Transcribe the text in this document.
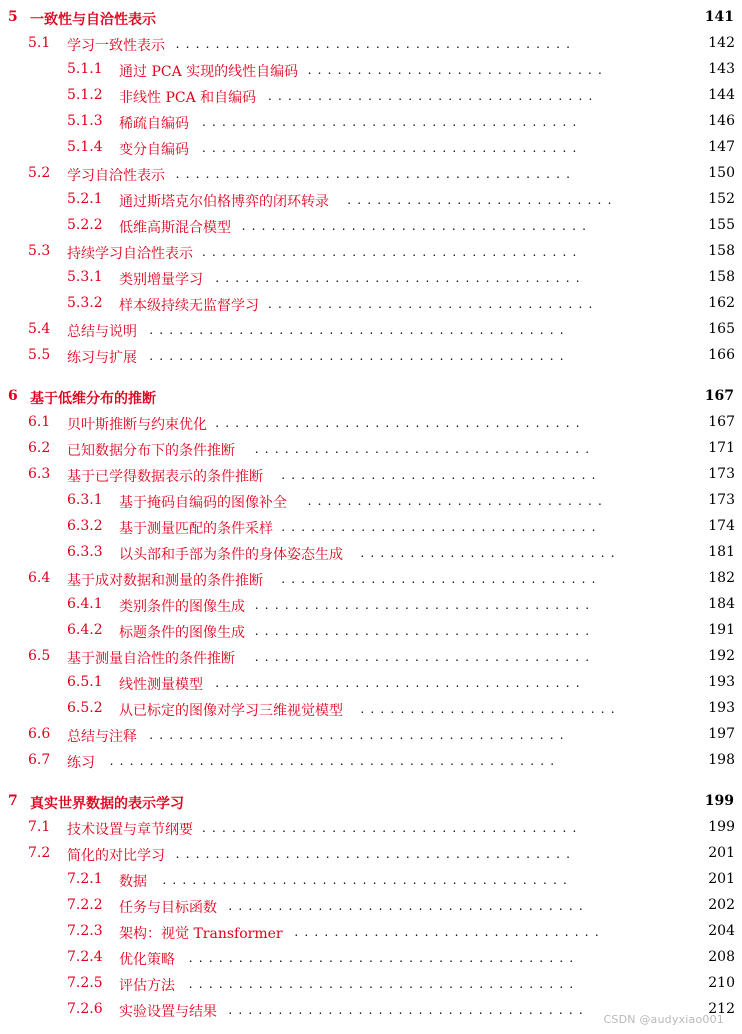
5 一致性与自洽性表示	141
5.1 学习一致性表示	142
........................................
5.1.1 通过 PCA 实现的线性自编码	143
..............................
5.1.2 非线性 PCA 和自编码	144
.................................
5.1.3 稀疏自编码	146
......................................
5.1.4 变分自编码	147
......................................
5.2 学习自洽性表示	150
........................................
5.2.1 通过斯塔克尔伯格博弈的闭环转录	152
...........................
5.2.2 低维高斯混合模型	155
...................................
5.3 持续学习自洽性表示	158
......................................
5.3.1 类别增量学习	158
.....................................
5.3.2 样本级持续无监督学习	162
.................................
5.4 总结与说明	165
..........................................
5.5 练习与扩展	166
..........................................
6 基于低维分布的推断	167
6.1 贝叶斯推断与约束优化	167
.....................................
6.2 已知数据分布下的条件推断	171
..................................
6.3 基于已学得数据表示的条件推断	173
................................
6.3.1 基于掩码自编码的图像补全	173
..............................
6.3.2 基于测量匹配的条件采样	174
................................
6.3.3 以头部和手部为条件的身体姿态生成	181
..........................
6.4 基于成对数据和测量的条件推断	182
................................
6.4.1 类别条件的图像生成	184
..................................
6.4.2 标题条件的图像生成	191
..................................
6.5 基于测量自洽性的条件推断	192
..................................
6.5.1 线性测量模型	193
.....................................
6.5.2 从已标定的图像对学习三维视觉模型	193
..........................
6.6 总结与注释	197
..........................................
6.7 练习	198
.............................................
7 真实世界数据的表示学习	199
7.1 技术设置与章节纲要	199
......................................
7.2 简化的对比学习	201
........................................
7.2.1 数据	201
.........................................
7.2.2 任务与目标函数	202
....................................
7.2.3 架构：视觉 Transformer	204
...............................
7.2.4 优化策略	208
.......................................
7.2.5 评估方法	210
.......................................
7.2.6 实验设置与结果	212
....................................
CSDN @audyxiao001
